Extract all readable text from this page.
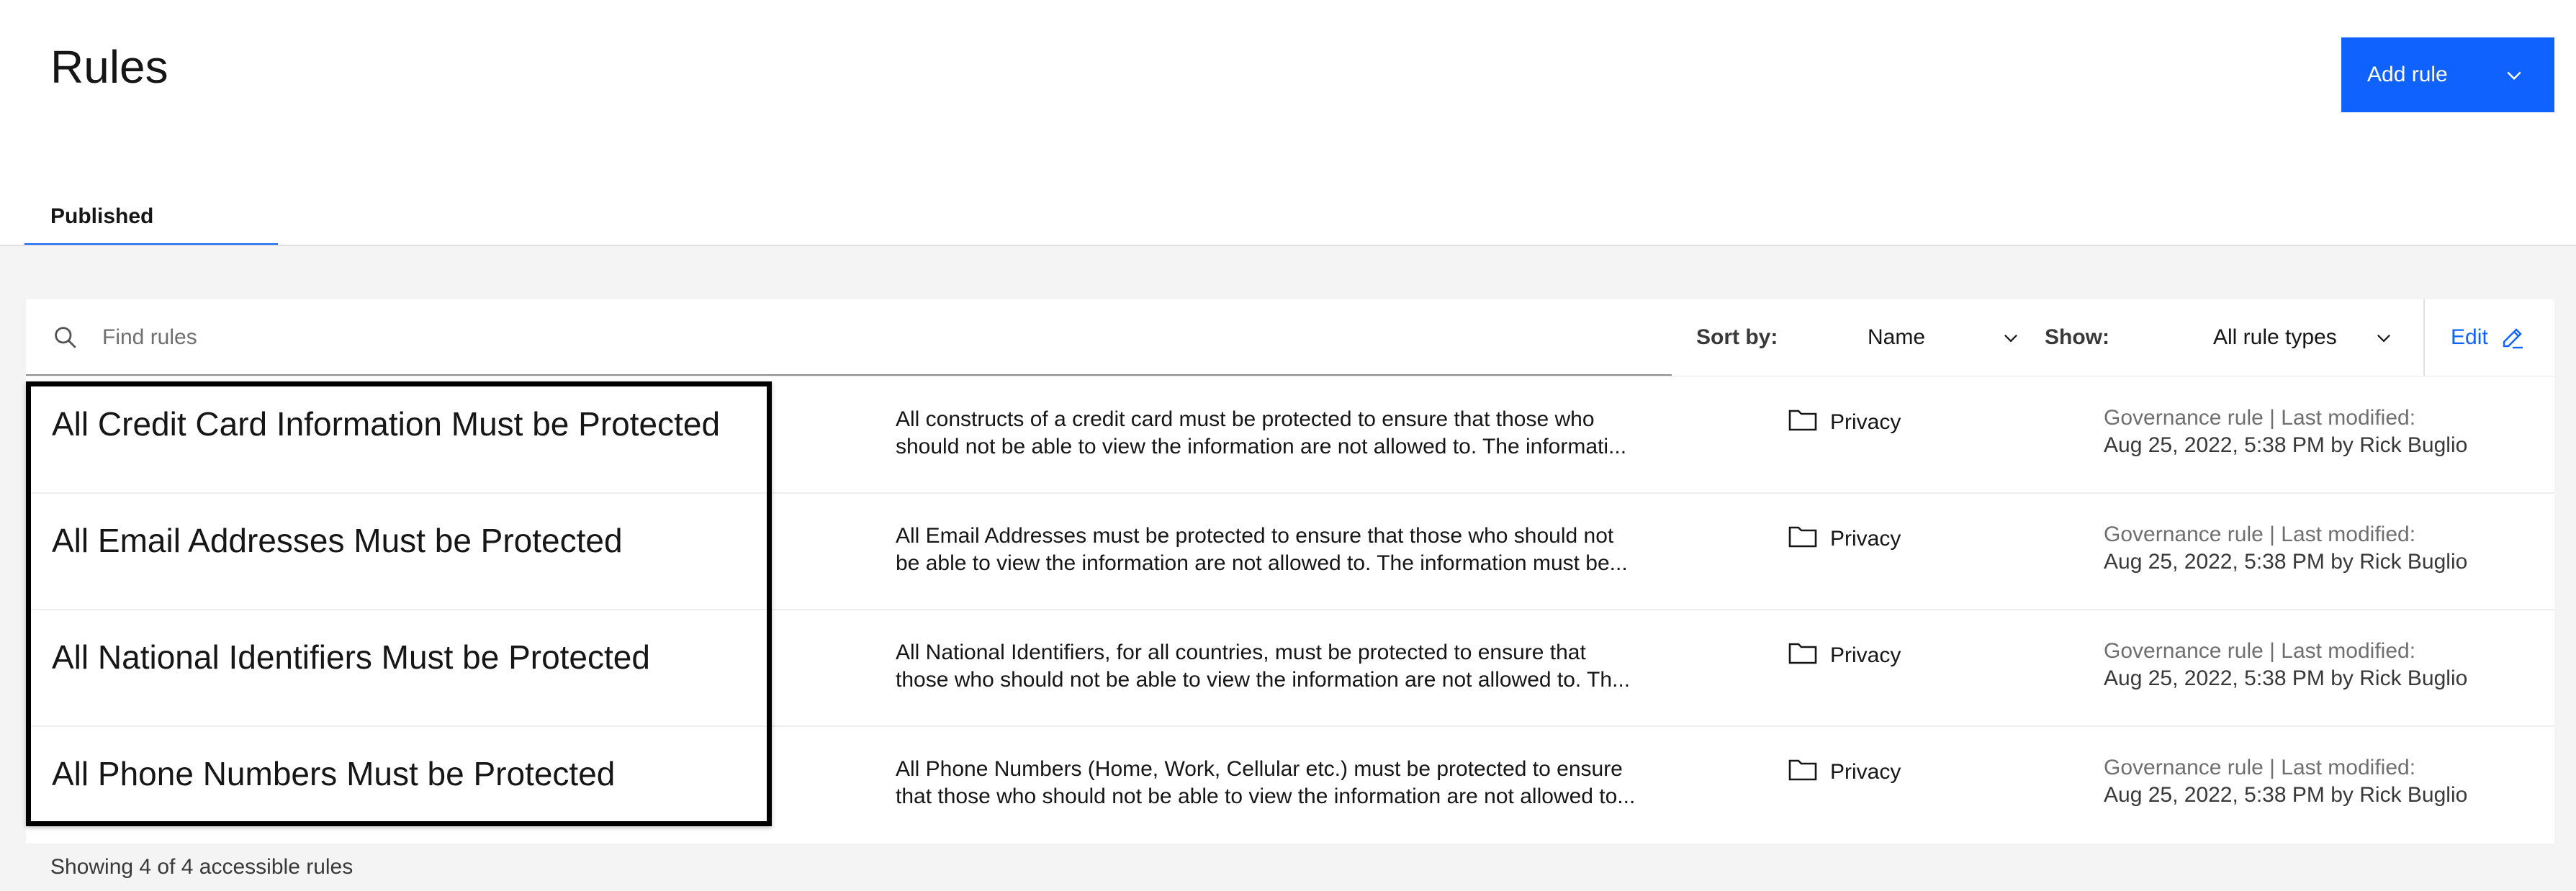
Rules	Add rule
Published
Find rules
Sort by:	Name	Show:	All rule types	Edit
All Credit Card Information Must be Protected	All constructs of a credit card must be protected to ensure that those who
should not be able to view the information are not allowed to. The informati...
Privacy	Governance rule | Last modified:
Aug 25, 2022, 5:38 PM by Rick Buglio
All Email Addresses Must be Protected	All Email Addresses must be protected to ensure that those who should not
be able to view the information are not allowed to. The information must be...
Privacy	Governance rule | Last modified:
Aug 25, 2022, 5:38 PM by Rick Buglio
All National Identifiers Must be Protected	All National Identifiers, for all countries, must be protected to ensure that
those who should not be able to view the information are not allowed to. Th...
Privacy	Governance rule | Last modified:
Aug 25, 2022, 5:38 PM by Rick Buglio
All Phone Numbers Must be Protected	All Phone Numbers (Home, Work, Cellular etc.) must be protected to ensure
that those who should not be able to view the information are not allowed to...
Privacy	Governance rule | Last modified:
Aug 25, 2022, 5:38 PM by Rick Buglio
Showing 4 of 4 accessible rules
